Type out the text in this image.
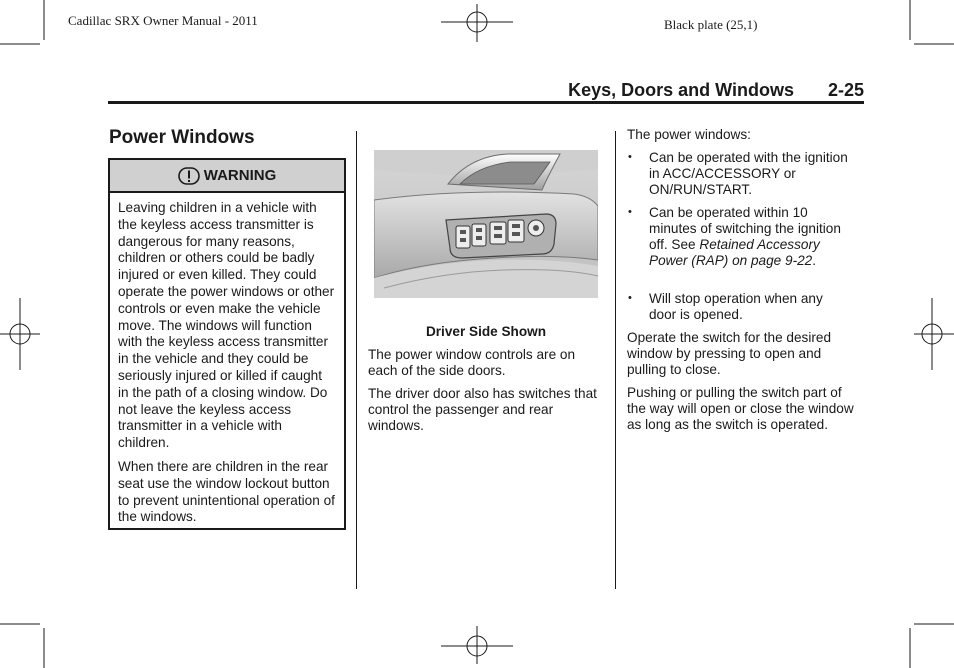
Cadillac SRX Owner Manual - 2011	Black plate (25,1)
Keys, Doors and Windows 2-25
Power Windows
WARNING

Leaving children in a vehicle with the keyless access transmitter is dangerous for many reasons, children or others could be badly injured or even killed. They could operate the power windows or other controls or even make the vehicle move. The windows will function with the keyless access transmitter in the vehicle and they could be seriously injured or killed if caught in the path of a closing window. Do not leave the keyless access transmitter in a vehicle with children.

When there are children in the rear seat use the window lockout button to prevent unintentional operation of the windows.

Driver Side Shown
The power window controls are on each of the side doors.
The driver door also has switches that control the passenger and rear windows.
The power windows:
• Can be operated with the ignition in ACC/ACCESSORY or ON/RUN/START.
• Can be operated within 10 minutes of switching the ignition off. See Retained Accessory Power (RAP) on page 9-22.
• Will stop operation when any door is opened.
Operate the switch for the desired window by pressing to open and pulling to close.
Pushing or pulling the switch part of the way will open or close the window as long as the switch is operated.
